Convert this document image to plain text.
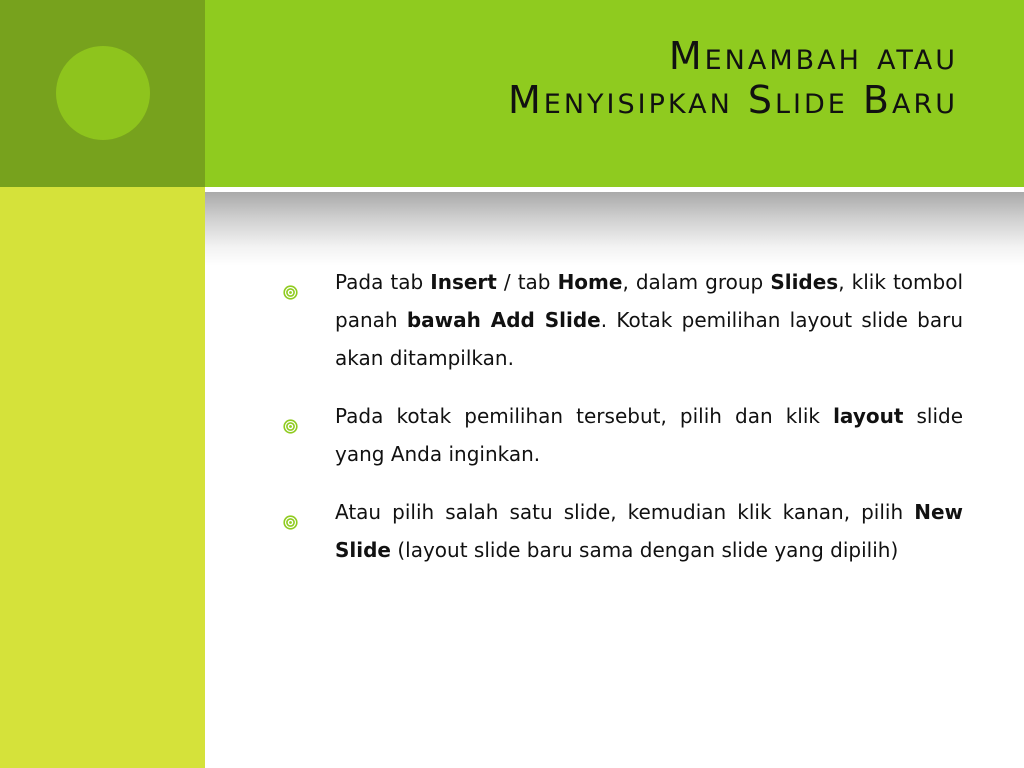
Menambah atau
Menyisipkan Slide Baru
Pada tab Insert / tab Home, dalam group Slides, klik tombol panah bawah Add Slide. Kotak pemilihan layout slide baru akan ditampilkan.
Pada kotak pemilihan tersebut, pilih dan klik layout slide yang Anda inginkan.
Atau pilih salah satu slide, kemudian klik kanan, pilih New Slide (layout slide baru sama dengan slide yang dipilih)
